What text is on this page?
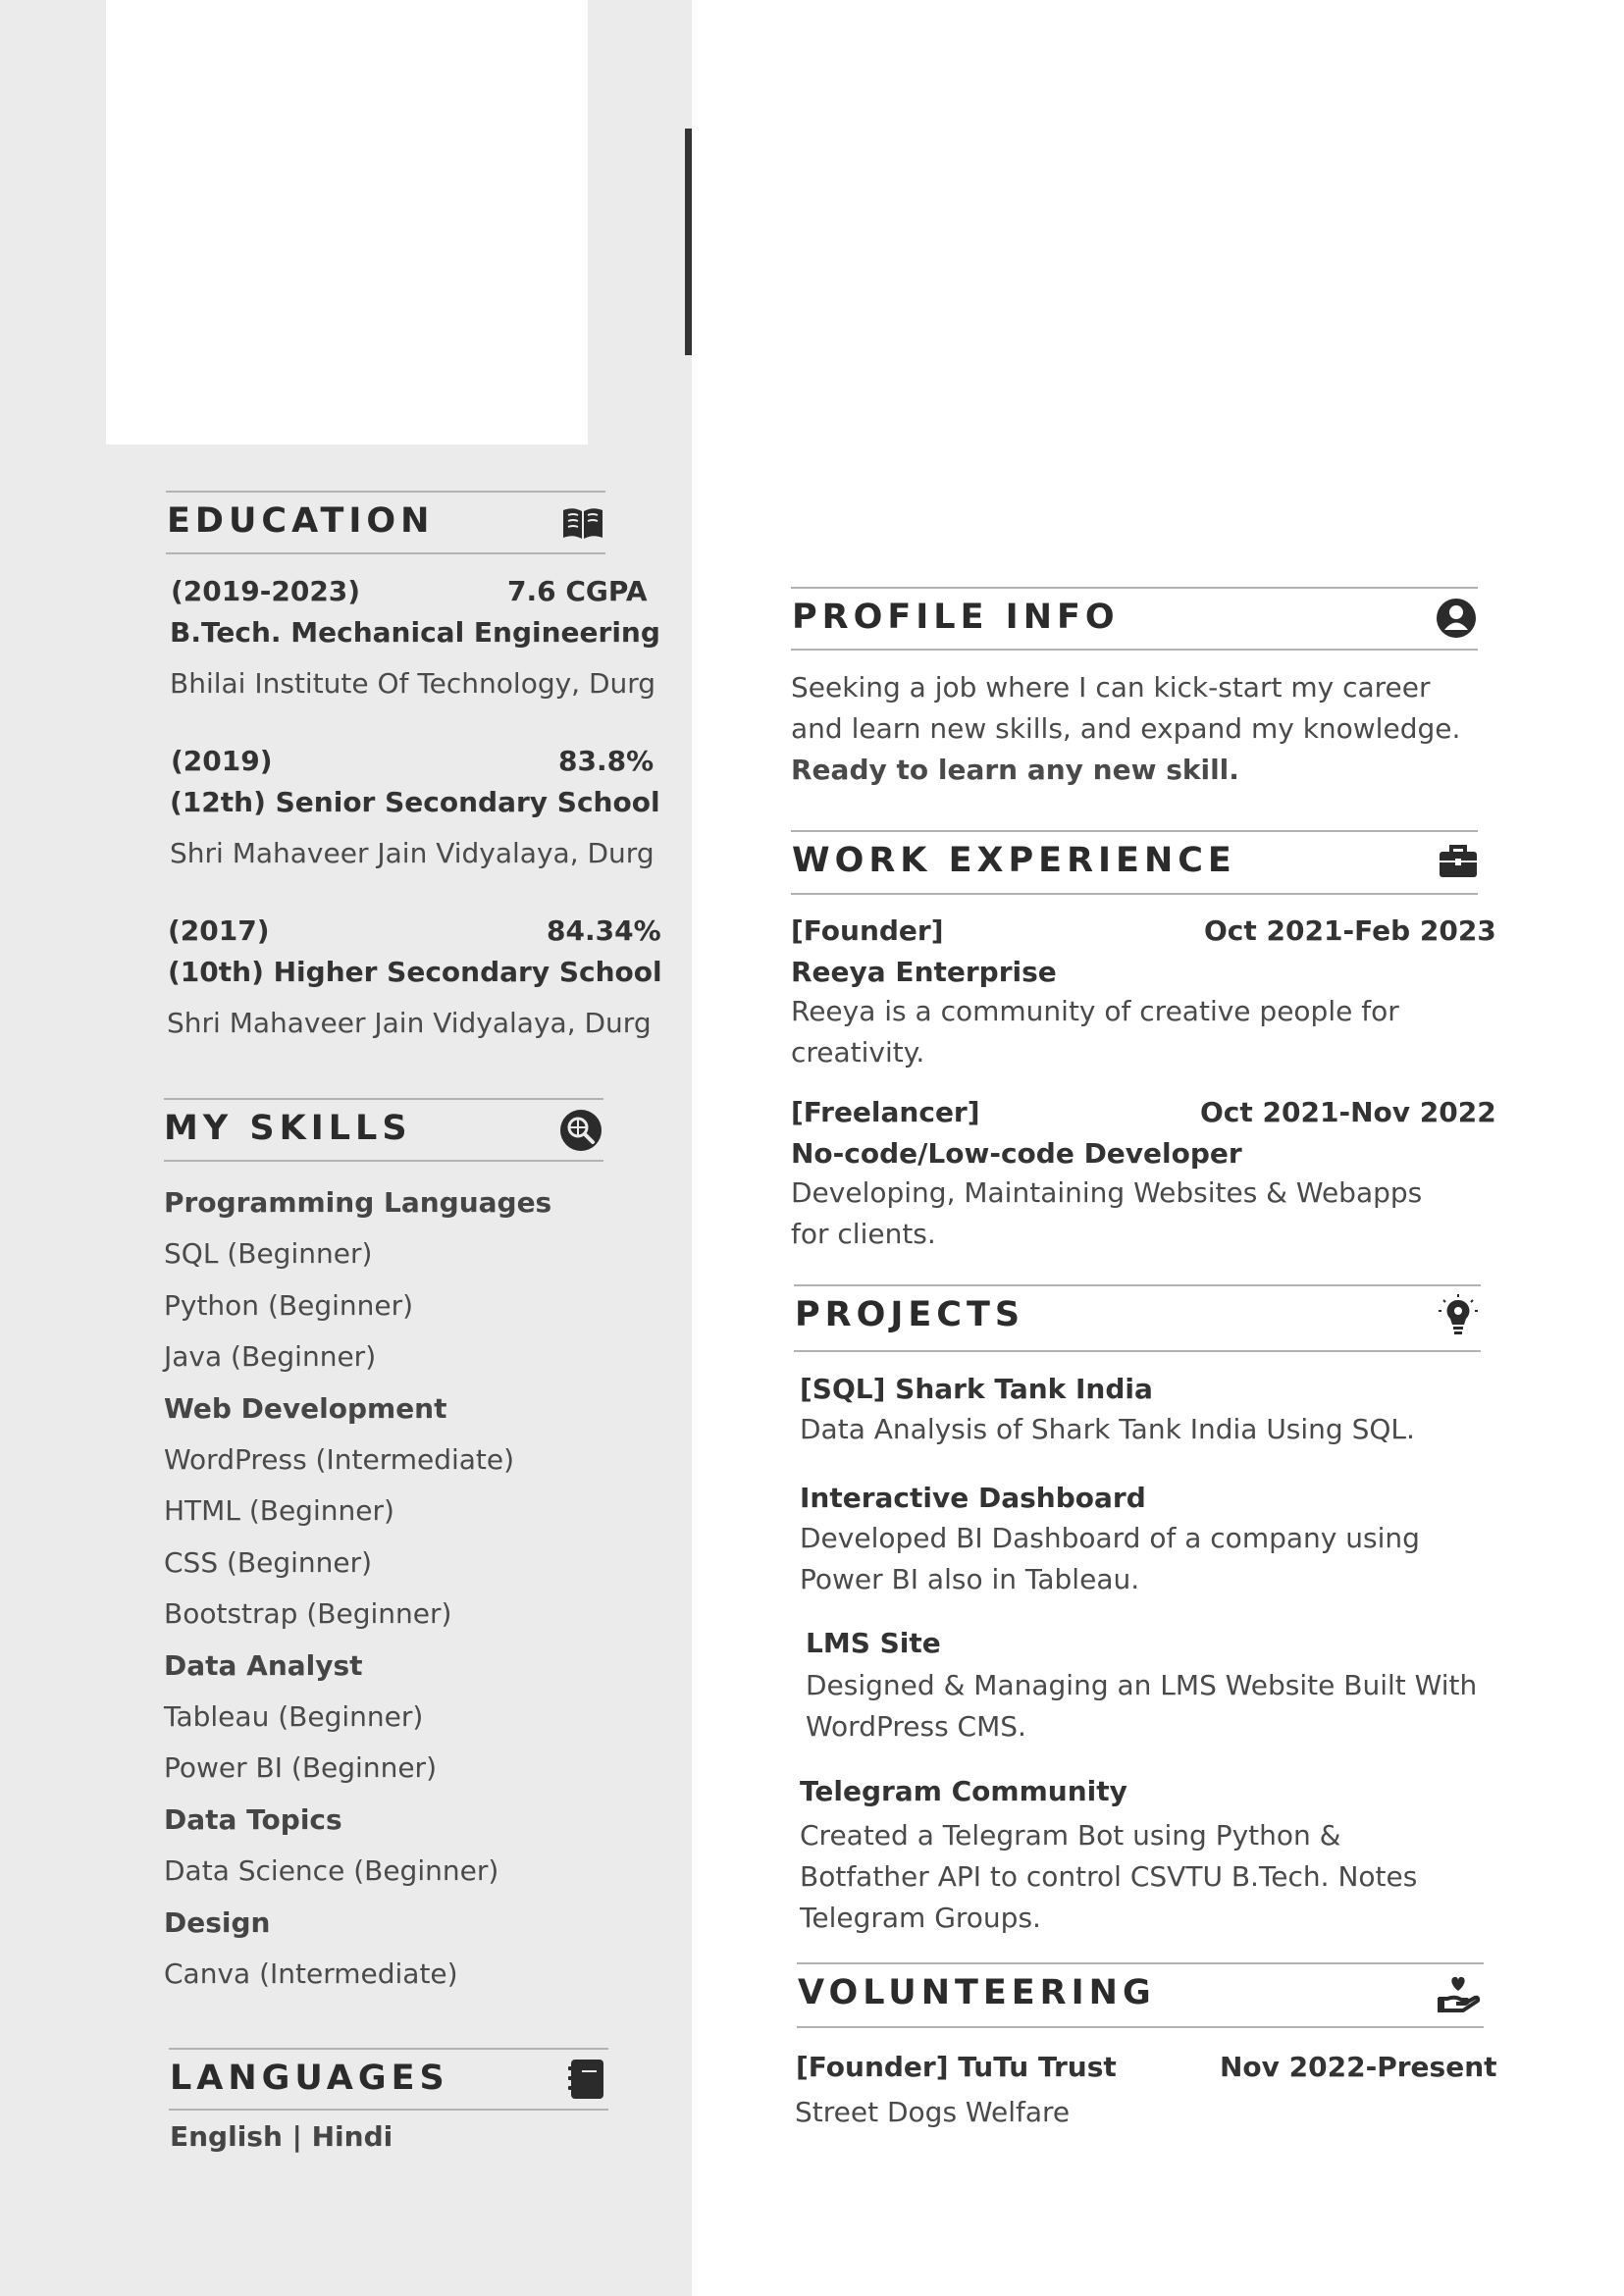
EDUCATION
(2019-2023)	7.6 CGPA
B.Tech. Mechanical Engineering
Bhilai Institute Of Technology, Durg
(2019)	83.8%
(12th) Senior Secondary School
Shri Mahaveer Jain Vidyalaya, Durg
(2017)	84.34%
(10th) Higher Secondary School
Shri Mahaveer Jain Vidyalaya, Durg
MY SKILLS
Programming Languages
SQL (Beginner)
Python (Beginner)
Java (Beginner)
Web Development
WordPress (Intermediate)
HTML (Beginner)
CSS (Beginner)
Bootstrap (Beginner)
Data Analyst
Tableau (Beginner)
Power BI (Beginner)
Data Topics
Data Science (Beginner)
Design
Canva (Intermediate)
LANGUAGES
English | Hindi
PROFILE INFO
Seeking a job where I can kick-start my career
and learn new skills, and expand my knowledge.
Ready to learn any new skill.
WORK EXPERIENCE
[Founder]	Oct 2021-Feb 2023
Reeya Enterprise
Reeya is a community of creative people for
creativity.
[Freelancer]	Oct 2021-Nov 2022
No-code/Low-code Developer
Developing, Maintaining Websites & Webapps
for clients.
PROJECTS
[SQL] Shark Tank India
Data Analysis of Shark Tank India Using SQL.
Interactive Dashboard
Developed BI Dashboard of a company using
Power BI also in Tableau.
LMS Site
Designed & Managing an LMS Website Built With
WordPress CMS.
Telegram Community
Created a Telegram Bot using Python &
Botfather API to control CSVTU B.Tech. Notes
Telegram Groups.
VOLUNTEERING
[Founder] TuTu Trust	Nov 2022-Present
Street Dogs Welfare
